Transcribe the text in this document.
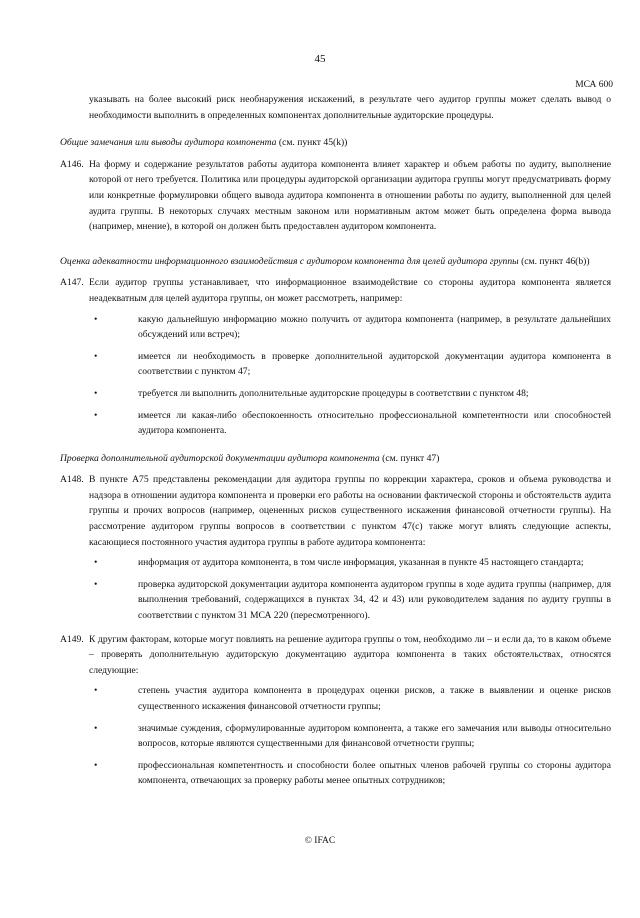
45
МСА 600

указывать на более высокий риск необнаружения искажений, в результате чего аудитор группы может сделать вывод о необходимости выполнить в определенных компонентах дополнительные аудиторские процедуры.

Общие замечания или выводы аудитора компонента (см. пункт 45(k))

А146. На форму и содержание результатов работы аудитора компонента влияет характер и объем работы по аудиту, выполнение которой от него требуется. Политика или процедуры аудиторской организации аудитора группы могут предусматривать форму или конкретные формулировки общего вывода аудитора компонента в отношении работы по аудиту, выполненной для целей аудита группы. В некоторых случаях местным законом или нормативным актом может быть определена форма вывода (например, мнение), в которой он должен быть предоставлен аудитором компонента.

Оценка адекватности информационного взаимодействия с аудитором компонента для целей аудитора группы (см. пункт 46(b))

А147. Если аудитор группы устанавливает, что информационное взаимодействие со стороны аудитора компонента является неадекватным для целей аудитора группы, он может рассмотреть, например:
•	какую дальнейшую информацию можно получить от аудитора компонента (например, в результате дальнейших обсуждений или встреч);
•	имеется ли необходимость в проверке дополнительной аудиторской документации аудитора компонента в соответствии с пунктом 47;
•	требуется ли выполнить дополнительные аудиторские процедуры в соответствии с пунктом 48;
•	имеется ли какая-либо обеспокоенность относительно профессиональной компетентности или способностей аудитора компонента.

Проверка дополнительной аудиторской документации аудитора компонента (см. пункт 47)

А148. В пункте А75 представлены рекомендации для аудитора группы по коррекции характера, сроков и объема руководства и надзора в отношении аудитора компонента и проверки его работы на основании фактической стороны и обстоятельств аудита группы и прочих вопросов (например, оцененных рисков существенного искажения финансовой отчетности группы). На рассмотрение аудитором группы вопросов в соответствии с пунктом 47(c) также могут влиять следующие аспекты, касающиеся постоянного участия аудитора группы в работе аудитора компонента:
•	информация от аудитора компонента, в том числе информация, указанная в пункте 45 настоящего стандарта;
•	проверка аудиторской документации аудитора компонента аудитором группы в ходе аудита группы (например, для выполнения требований, содержащихся в пунктах 34, 42 и 43) или руководителем задания по аудиту группы в соответствии с пунктом 31 МСА 220 (пересмотренного).
А149. К другим факторам, которые могут повлиять на решение аудитора группы о том, необходимо ли – и если да, то в каком объеме – проверять дополнительную аудиторскую документацию аудитора компонента в таких обстоятельствах, относятся следующие:
•	степень участия аудитора компонента в процедурах оценки рисков, а также в выявлении и оценке рисков существенного искажения финансовой отчетности группы;
•	значимые суждения, сформулированные аудитором компонента, а также его замечания или выводы относительно вопросов, которые являются существенными для финансовой отчетности группы;
•	профессиональная компетентность и способности более опытных членов рабочей группы со стороны аудитора компонента, отвечающих за проверку работы менее опытных сотрудников;
© IFAC
